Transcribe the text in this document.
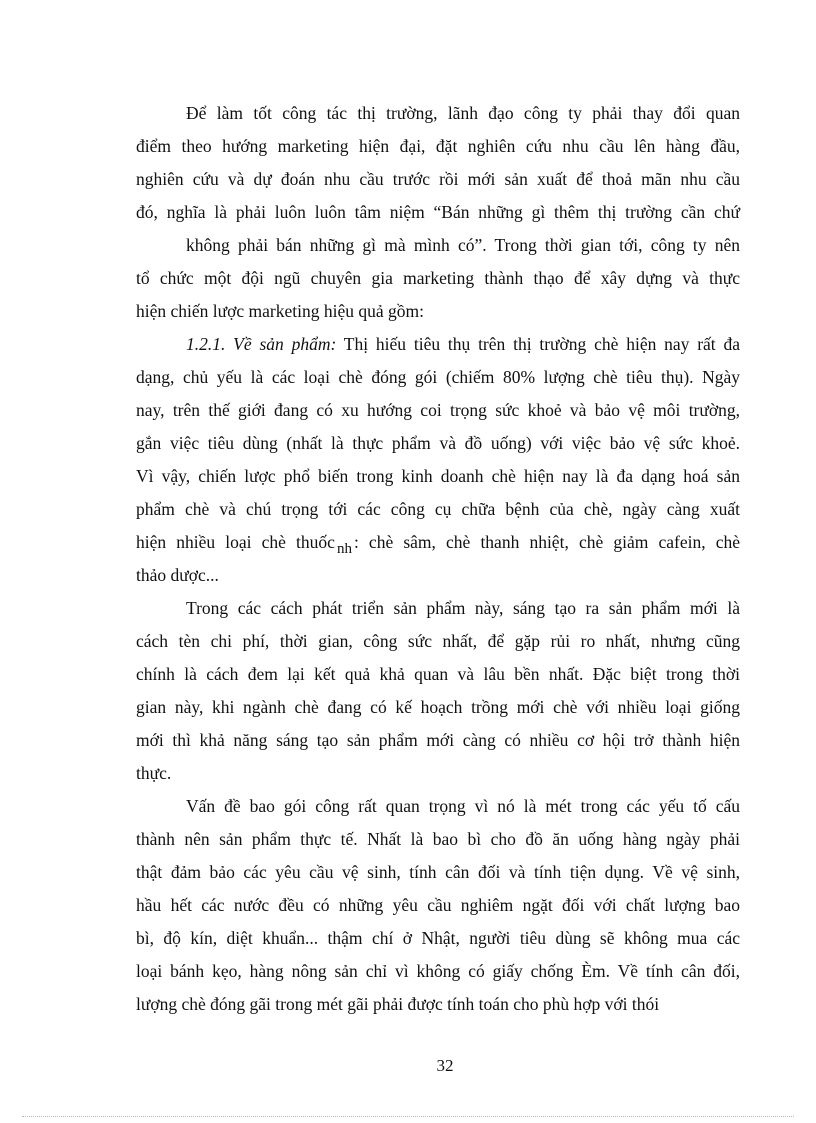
Để làm tốt công tác thị trường, lãnh đạo công ty phải thay đổi quan
điểm theo hướng marketing hiện đại, đặt nghiên cứu nhu cầu lên hàng đầu,
nghiên cứu và dự đoán nhu cầu trước rồi mới sản xuất để thoả mãn nhu cầu
đó, nghĩa là phải luôn luôn tâm niệm “Bán những gì thêm thị trường cần chứ
không phải bán những gì mà mình có”. Trong thời gian tới, công ty nên
tổ chức một đội ngũ chuyên gia marketing thành thạo để xây dựng và thực
hiện chiến lược marketing hiệu quả gồm:
1.2.1. Về sản phẩm: Thị hiếu tiêu thụ trên thị trường chè hiện nay rất đa
dạng, chủ yếu là các loại chè đóng gói (chiếm 80% lượng chè tiêu thụ). Ngày
nay, trên thế giới đang có xu hướng coi trọng sức khoẻ và bảo vệ môi trường,
gắn việc tiêu dùng (nhất là thực phẩm và đồ uống) với việc bảo vệ sức khoẻ.
Vì vậy, chiến lược phổ biến trong kinh doanh chè hiện nay là đa dạng hoá sản
phẩm chè và chú trọng tới các công cụ chữa bệnh của chè, ngày càng xuất
hiện nhiều loại chè thuốc nh : chè sâm, chè thanh nhiệt, chè giảm cafein, chè
thảo dược...
Trong các cách phát triển sản phẩm này, sáng tạo ra sản phẩm mới là
cách tèn chi phí, thời gian, công sức nhất, để gặp rủi ro nhất, nhưng cũng
chính là cách đem lại kết quả khả quan và lâu bền nhất. Đặc biệt trong thời
gian này, khi ngành chè đang có kế hoạch trồng mới chè với nhiều loại giống
mới thì khả năng sáng tạo sản phẩm mới càng có nhiều cơ hội trở thành hiện
thực.
Vấn đề bao gói công rất quan trọng vì nó là mét trong các yếu tố cấu
thành nên sản phẩm thực tế. Nhất là bao bì cho đồ ăn uống hàng ngày phải
thật đảm bảo các yêu cầu vệ sinh, tính cân đối và tính tiện dụng. Về vệ sinh,
hầu hết các nước đều có những yêu cầu nghiêm ngặt đối với chất lượng bao
bì, độ kín, diệt khuẩn... thậm chí ở Nhật, người tiêu dùng sẽ không mua các
loại bánh kẹo, hàng nông sản chỉ vì không có giấy chống Èm. Về tính cân đối,
lượng chè đóng gãi trong mét gãi phải được tính toán cho phù hợp với thói
32
